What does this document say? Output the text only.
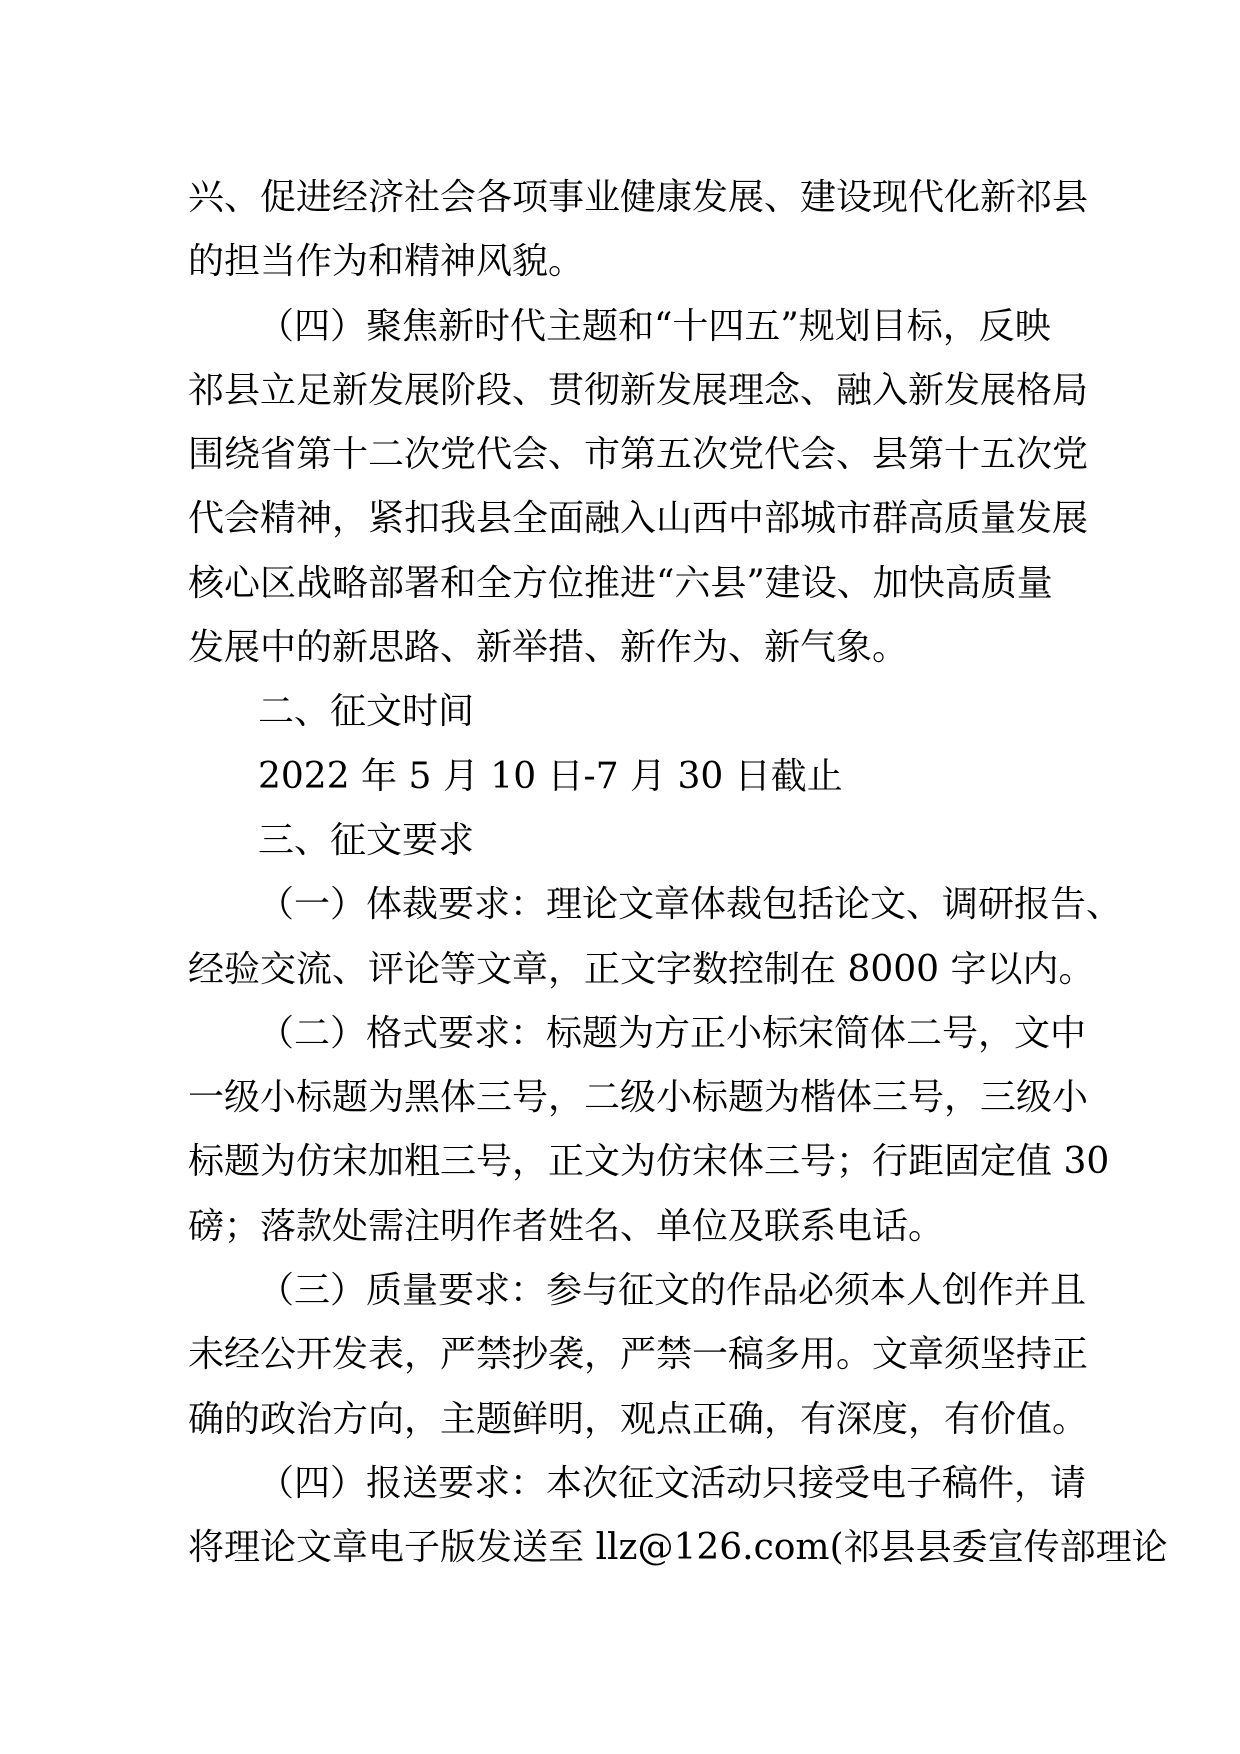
兴、促进经济社会各项事业健康发展、建设现代化新祁县
的担当作为和精神风貌。
（四）聚焦新时代主题和“十四五”规划目标，反映
祁县立足新发展阶段、贯彻新发展理念、融入新发展格局
围绕省第十二次党代会、市第五次党代会、县第十五次党
代会精神，紧扣我县全面融入山西中部城市群高质量发展
核心区战略部署和全方位推进“六县”建设、加快高质量
发展中的新思路、新举措、新作为、新气象。
二、征文时间
2022 年 5 月 10 日-7 月 30 日截止
三、征文要求
（一）体裁要求：理论文章体裁包括论文、调研报告、
经验交流、评论等文章，正文字数控制在 8000 字以内。
（二）格式要求：标题为方正小标宋简体二号，文中
一级小标题为黑体三号，二级小标题为楷体三号，三级小
标题为仿宋加粗三号，正文为仿宋体三号；行距固定值 30
磅；落款处需注明作者姓名、单位及联系电话。
（三）质量要求：参与征文的作品必须本人创作并且
未经公开发表，严禁抄袭，严禁一稿多用。文章须坚持正
确的政治方向，主题鲜明，观点正确，有深度，有价值。
（四）报送要求：本次征文活动只接受电子稿件，请
将理论文章电子版发送至 llz@126.com(祁县县委宣传部理论
